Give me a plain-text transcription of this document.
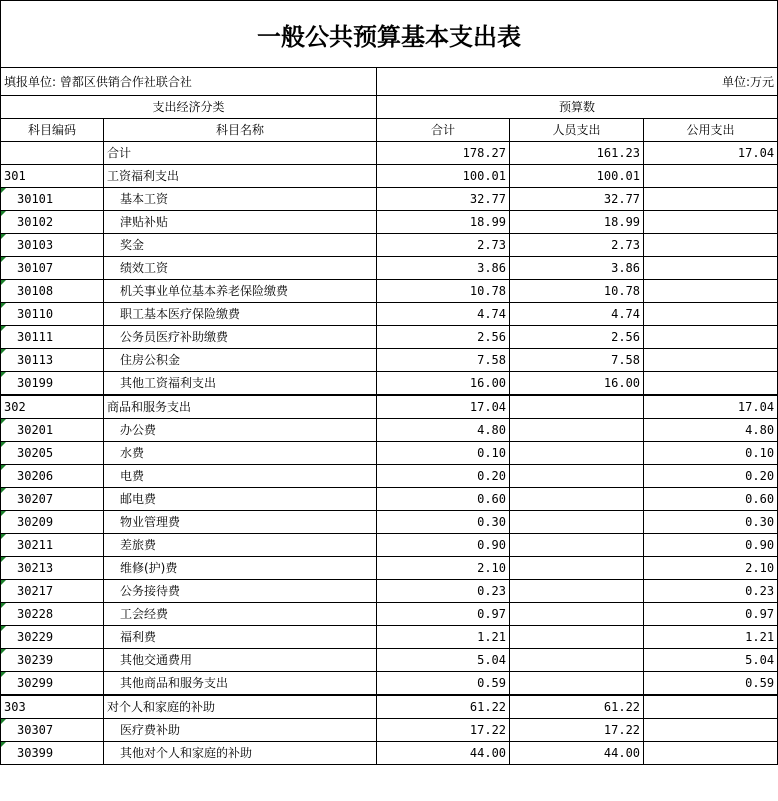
一般公共预算基本支出表
填报单位: 曾都区供销合作社联合社		单位:万元		
支出经济分类		预算数		
科目编码	科目名称	合计	人员支出	公用支出
	合计	178.27	161.23	17.04
301	工资福利支出	100.01	100.01	
30101	基本工资	32.77	32.77	
30102	津贴补贴	18.99	18.99	
30103	奖金	2.73	2.73	
30107	绩效工资	3.86	3.86	
30108	机关事业单位基本养老保险缴费	10.78	10.78	
30110	职工基本医疗保险缴费	4.74	4.74	
30111	公务员医疗补助缴费	2.56	2.56	
30113	住房公积金	7.58	7.58	
30199	其他工资福利支出	16.00	16.00	
302	商品和服务支出	17.04		17.04
30201	办公费	4.80		4.80
30205	水费	0.10		0.10
30206	电费	0.20		0.20
30207	邮电费	0.60		0.60
30209	物业管理费	0.30		0.30
30211	差旅费	0.90		0.90
30213	维修(护)费	2.10		2.10
30217	公务接待费	0.23		0.23
30228	工会经费	0.97		0.97
30229	福利费	1.21		1.21
30239	其他交通费用	5.04		5.04
30299	其他商品和服务支出	0.59		0.59
303	对个人和家庭的补助	61.22	61.22	
30307	医疗费补助	17.22	17.22	
30399	其他对个人和家庭的补助	44.00	44.00	
